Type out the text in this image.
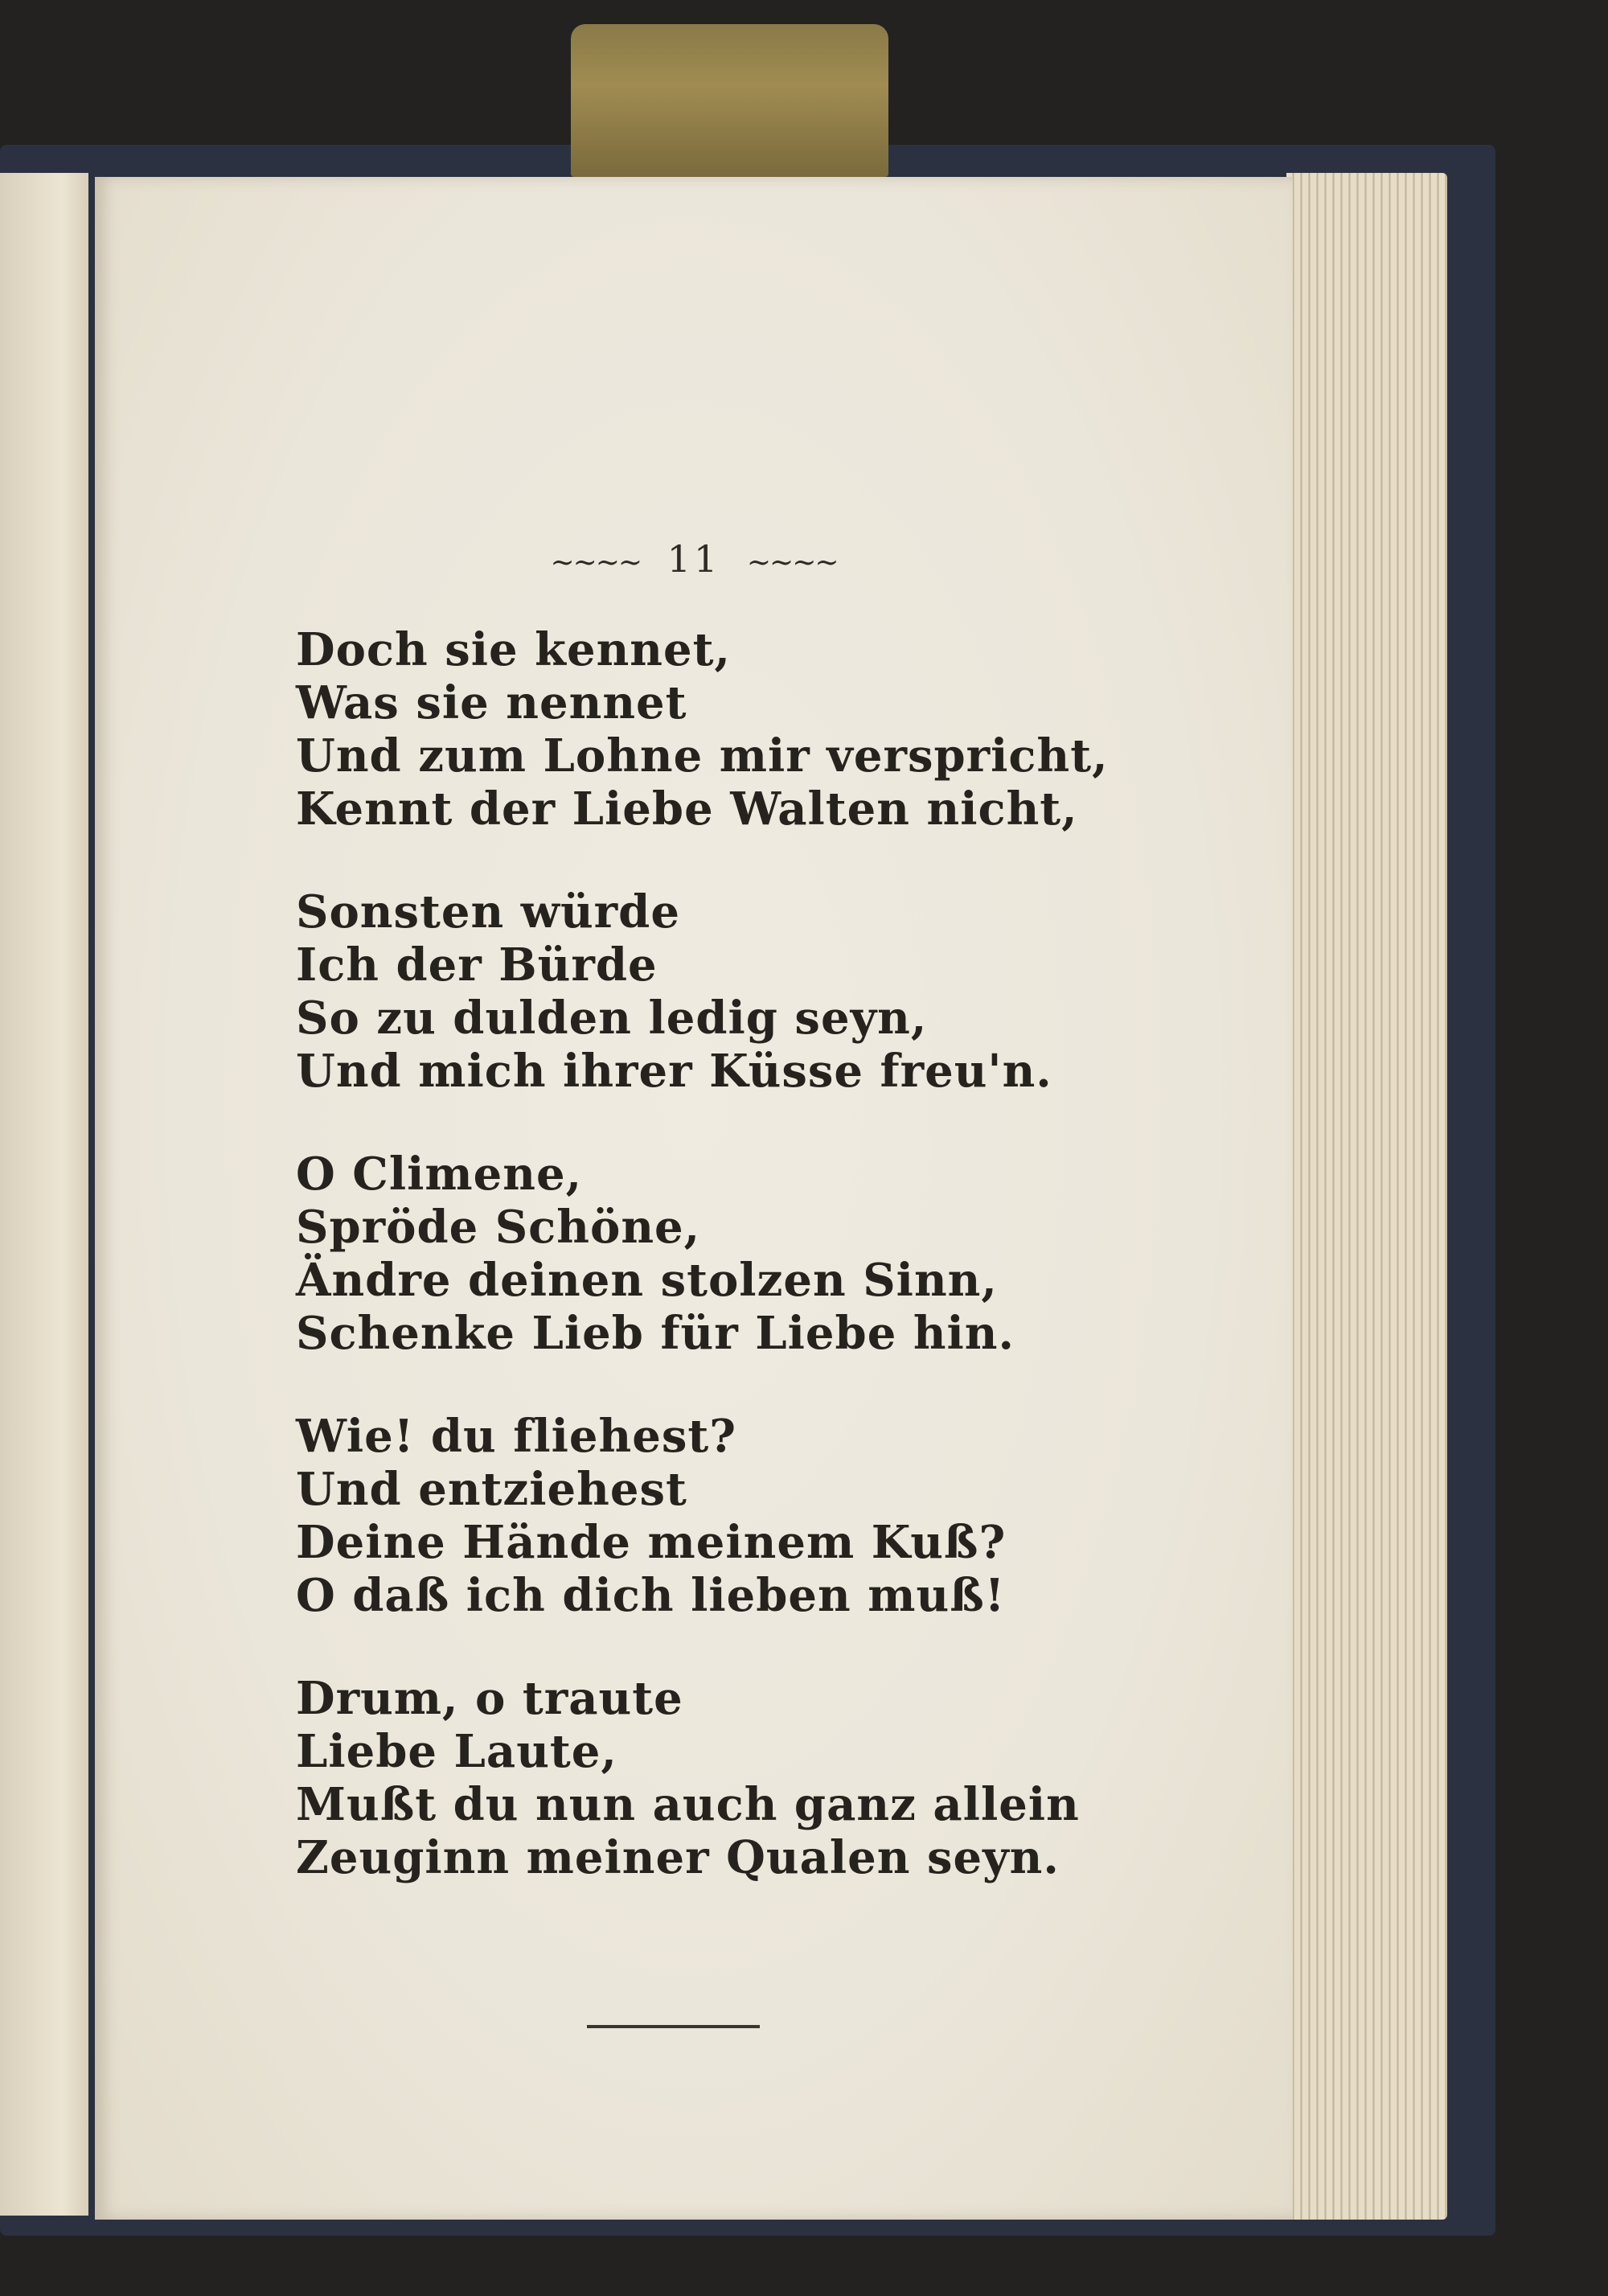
~~~~ 11 ~~~~
Doch sie kennet,
Was sie nennet
Und zum Lohne mir verspricht,
Kennt der Liebe Walten nicht,
Sonsten würde
Ich der Bürde
So zu dulden ledig seyn,
Und mich ihrer Küsse freu'n.
O Climene,
Spröde Schöne,
Ändre deinen stolzen Sinn,
Schenke Lieb für Liebe hin.
Wie! du fliehest?
Und entziehest
Deine Hände meinem Kuß?
O daß ich dich lieben muß!
Drum, o traute
Liebe Laute,
Mußt du nun auch ganz allein
Zeuginn meiner Qualen seyn.
